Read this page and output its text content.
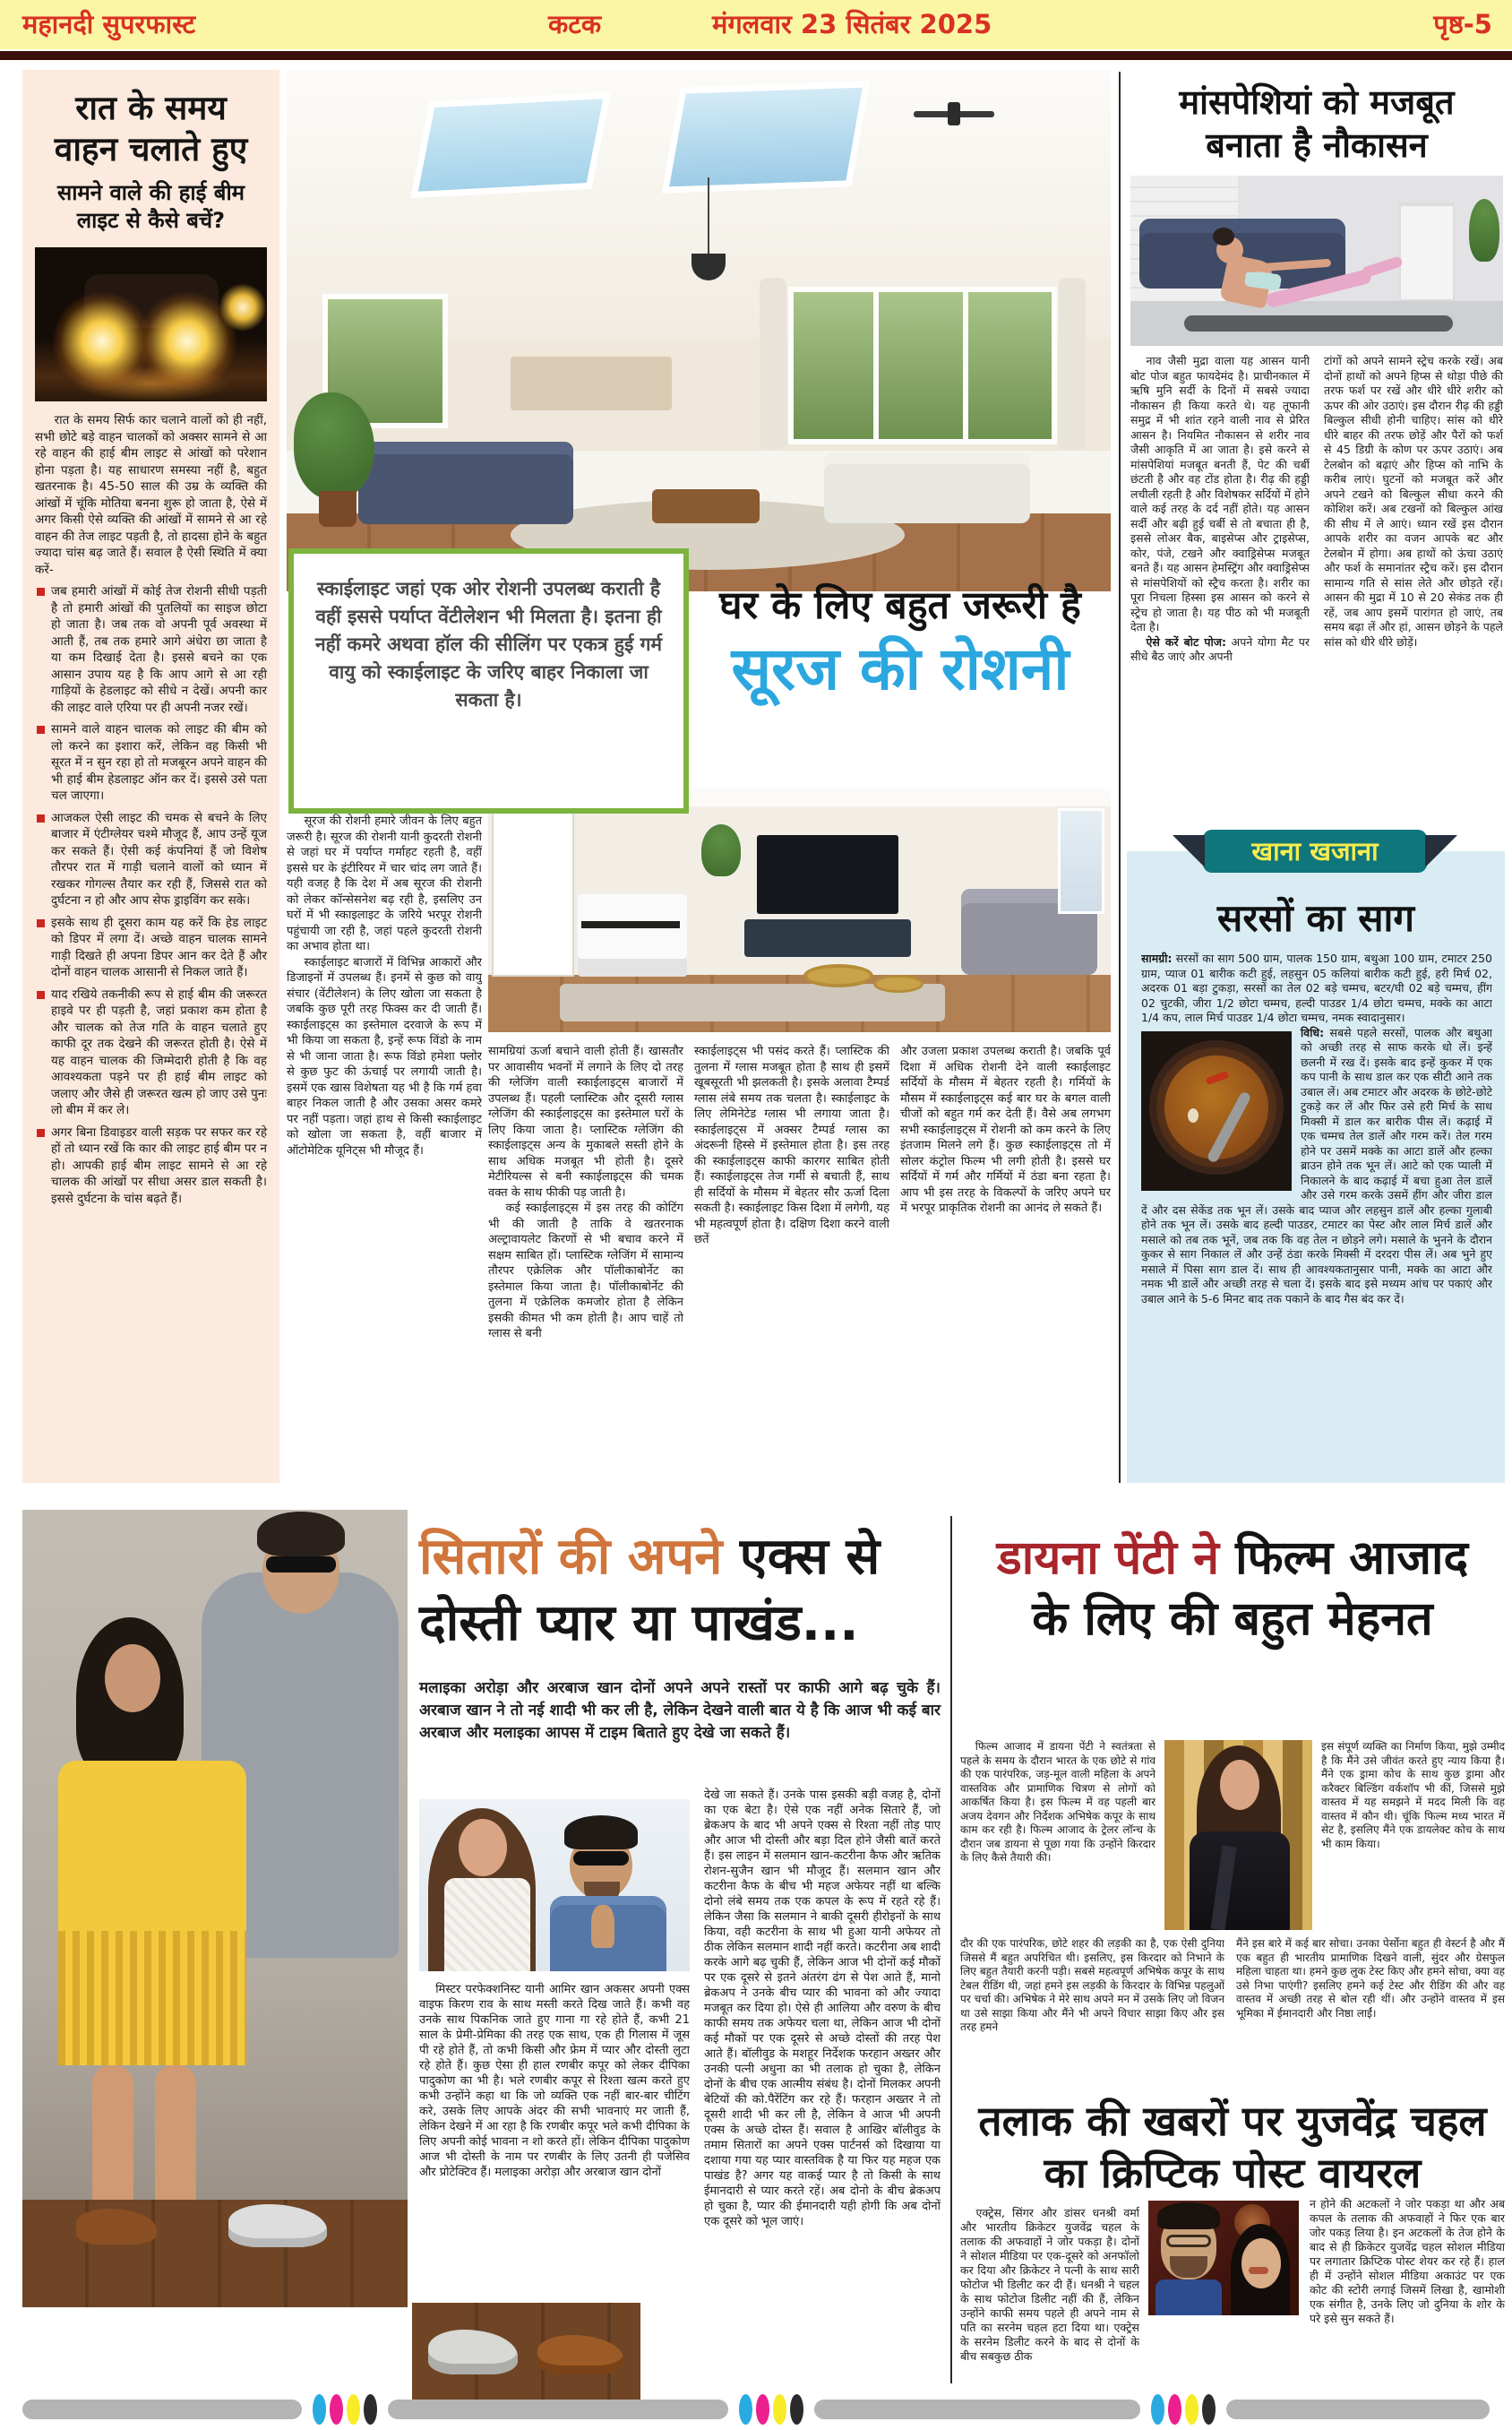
महानदी सुपरफास्ट	कटक	मंगलवार 23 सितंबर 2025	पृष्ठ-5
रात के समय
वाहन चलाते हुए
सामने वाले की हाई बीम लाइट से कैसे बचें?
रात के समय सिर्फ कार चलाने वालों को ही नहीं, सभी छोटे बड़े वाहन चालकों को अक्सर सामने से आ रहे वाहन की हाई बीम लाइट से आंखों को परेशान होना पड़ता है। यह साधारण समस्या नहीं है, बहुत खतरनाक है। 45-50 साल की उम्र के व्यक्ति की आंखों में चूंकि मोतिया बनना शुरू हो जाता है, ऐसे में अगर किसी ऐसे व्यक्ति की आंखों में सामने से आ रहे वाहन की तेज लाइट पड़ती है, तो हादसा होने के बहुत ज्यादा चांस बढ़ जाते हैं। सवाल है ऐसी स्थिति में क्या करें-
जब हमारी आंखों में कोई तेज रोशनी सीधी पड़ती है तो हमारी आंखों की पुतलियों का साइज छोटा हो जाता है। जब तक वो अपनी पूर्व अवस्था में आती हैं, तब तक हमारे आगे अंधेरा छा जाता है या कम दिखाई देता है। इससे बचने का एक आसान उपाय यह है कि आप आगे से आ रही गाड़ियों के हेडलाइट को सीधे न देखें। अपनी कार की लाइट वाले एरिया पर ही अपनी नजर रखें।
सामने वाले वाहन चालक को लाइट की बीम को लो करने का इशारा करें, लेकिन वह किसी भी सूरत में न सुन रहा हो तो मजबूरन अपने वाहन की भी हाई बीम हेडलाइट ऑन कर दें। इससे उसे पता चल जाएगा।
आजकल ऐसी लाइट की चमक से बचने के लिए बाजार में एंटीग्लेयर चश्मे मौजूद हैं, आप उन्हें यूज कर सकते हैं। ऐसी कई कंपनियां हैं जो विशेष तौरपर रात में गाड़ी चलाने वालों को ध्यान में रखकर गोगल्स तैयार कर रही हैं, जिससे रात को दुर्घटना न हो और आप सेफ ड्राइविंग कर सके।
इसके साथ ही दूसरा काम यह करें कि हेड लाइट को डिपर में लगा दें। अच्छे वाहन चालक सामने गाड़ी दिखते ही अपना डिपर आन कर देते हैं और दोनों वाहन चालक आसानी से निकल जाते हैं।
याद रखिये तकनीकी रूप से हाई बीम की जरूरत हाइवे पर ही पड़ती है, जहां प्रकाश कम होता है और चालक को तेज गति के वाहन चलाते हुए काफी दूर तक देखने की जरूरत होती है। ऐसे में यह वाहन चालक की जिम्मेदारी होती है कि वह आवश्यकता पड़ने पर ही हाई बीम लाइट को जलाए और जैसे ही जरूरत खत्म हो जाए उसे पुनः लो बीम में कर ले।
अगर बिना डिवाइडर वाली सड़क पर सफर कर रहे हों तो ध्यान रखें कि कार की लाइट हाई बीम पर न हो। आपकी हाई बीम लाइट सामने से आ रहे चालक की आंखों पर सीधा असर डाल सकती है। इससे दुर्घटना के चांस बढ़ते हैं।
स्काईलाइट जहां एक ओर रोशनी उपलब्ध कराती है वहीं इससे पर्याप्त वेंटीलेशन भी मिलता है। इतना ही नहीं कमरे अथवा हॉल की सीलिंग पर एकत्र हुई गर्म वायु को स्काईलाइट के जरिए बाहर निकाला जा सकता है।
घर के लिए बहुत जरूरी है
सूरज की रोशनी
सूरज की रोशनी हमारे जीवन के लिए बहुत जरूरी है। सूरज की रोशनी यानी कुदरती रोशनी से जहां घर में पर्याप्त गर्माहट रहती है, वहीं इससे घर के इंटीरियर में चार चांद लग जाते हैं। यही वजह है कि देश में अब सूरज की रोशनी को लेकर कॉन्सेसनेश बढ़ रही है, इसलिए उन घरों में भी स्काइलाइट के जरिये भरपूर रोशनी पहुंचायी जा रही है, जहां पहले कुदरती रोशनी का अभाव होता था।
स्काईलाइट बाजारों में विभिन्न आकारों और डिजाइनों में उपलब्ध हैं। इनमें से कुछ को वायु संचार (वेंटीलेशन) के लिए खोला जा सकता है जबकि कुछ पूरी तरह फिक्स कर दी जाती हैं। स्काईलाइट्स का इस्तेमाल दरवाजे के रूप में भी किया जा सकता है, इन्हें रूफ विंडो के नाम से भी जाना जाता है। रूफ विंडो हमेशा फ्लोर से कुछ फुट की ऊंचाई पर लगायी जाती है। इसमें एक खास विशेषता यह भी है कि गर्म हवा बाहर निकल जाती है और उसका असर कमरे पर नहीं पड़ता। जहां हाथ से किसी स्काईलाइट को खोला जा सकता है, वहीं बाजार में ऑटोमेटिक यूनिट्स भी मौजूद हैं।
सामग्रियां ऊर्जा बचाने वाली होती हैं। खासतौर पर आवासीय भवनों में लगाने के लिए दो तरह की ग्लेजिंग वाली स्काईलाइट्स बाजारों में उपलब्ध हैं। पहली प्लास्टिक और दूसरी ग्लास ग्लेजिंग की स्काईलाइट्स का इस्तेमाल घरों के लिए किया जाता है। प्लास्टिक ग्लेजिंग की स्काईलाइट्स अन्य के मुकाबले सस्ती होने के साथ अधिक मजबूत भी होती है। दूसरे मेटीरियल्स से बनी स्काईलाइट्स की चमक वक्त के साथ फीकी पड़ जाती है।
कई स्काईलाइट्स में इस तरह की कोटिंग भी की जाती है ताकि वे खतरनाक अल्ट्रावायलेट किरणों से भी बचाव करने में सक्षम साबित हों। प्लास्टिक ग्लेजिंग में सामान्य तौरपर एक्रेलिक और पॉलीकाबोर्नेट का इस्तेमाल किया जाता है। पॉलीकाबोर्नेट की तुलना में एक्रेलिक कमजोर होता है लेकिन इसकी कीमत भी कम होती है। आप चाहें तो ग्लास से बनी
स्काईलाइट्स भी पसंद करते हैं। प्लास्टिक की तुलना में ग्लास मजबूत होता है साथ ही इसमें खूबसूरती भी झलकती है। इसके अलावा टैम्पर्ड ग्लास लंबे समय तक चलता है। स्काईलाइट के लिए लेमिनेटेड ग्लास भी लगाया जाता है। स्काईलाइट्स में अक्सर टैम्पर्ड ग्लास का अंदरूनी हिस्से में इस्तेमाल होता है। इस तरह की स्काईलाइट्स काफी कारगर साबित होती हैं। स्काईलाइट्स तेज गर्मी से बचाती हैं, साथ ही सर्दियों के मौसम में बेहतर सौर ऊर्जा दिला सकती है। स्काईलाइट किस दिशा में लगेगी, यह भी महत्वपूर्ण होता है। दक्षिण दिशा करने वाली छतें
और उजला प्रकाश उपलब्ध कराती है। जबकि पूर्व दिशा में अधिक रोशनी देने वाली स्काईलाइट सर्दियों के मौसम में बेहतर रहती है। गर्मियों के मौसम में स्काईलाइट्स कई बार घर के बगल वाली चीजों को बहुत गर्म कर देती हैं। वैसे अब लगभग सभी स्काईलाइट्स में रोशनी को कम करने के लिए इंतजाम मिलने लगे हैं। कुछ स्काईलाइट्स तो में सोलर कंट्रोल फिल्म भी लगी होती है। इससे घर सर्दियों में गर्म और गर्मियों में ठंडा बना रहता है। आप भी इस तरह के विकल्पों के जरिए अपने घर में भरपूर प्राकृतिक रोशनी का आनंद ले सकते हैं।
मांसपेशियां को मजबूत
बनाता है नौकासन
नाव जैसी मुद्रा वाला यह आसन यानी बोट पोज बहुत फायदेमंद है। प्राचीनकाल में ऋषि मुनि सर्दी के दिनों में सबसे ज्यादा नौकासन ही किया करते थे। यह तूफानी समुद्र में भी शांत रहने वाली नाव से प्रेरित आसन है। नियमित नौकासन से शरीर नाव जैसी आकृति में आ जाता है। इसे करने से मांसपेशियां मजबूत बनती हैं, पेट की चर्बी छंटती है और वह टोंड होता है। रीढ़ की हड्डी लचीली रहती है और विशेषकर सर्दियों में होने वाले कई तरह के दर्द नहीं होते। यह आसन सर्दी और बढ़ी हुई चर्बी से तो बचाता ही है, इससे लोअर बैक, बाइसेप्स और ट्राइसेप्स, कोर, पंजे, टखने और क्वाड्रिसेप्स मजबूत बनते हैं। यह आसन हेमस्ट्रिंग और क्वाड्रिसेप्स से मांसपेशियों को स्ट्रैच करता है। शरीर का पूरा निचला हिस्सा इस आसन को करने से स्ट्रेच हो जाता है। यह पीठ को भी मजबूती देता है।
ऐसे करें बोट पोज: अपने योगा मैट पर सीधे बैठ जाएं और अपनी
टांगों को अपने सामने स्ट्रेच करके रखें। अब दोनों हाथों को अपने हिप्स से थोड़ा पीछे की तरफ फर्श पर रखें और धीरे धीरे शरीर को ऊपर की ओर उठाएं। इस दौरान रीढ़ की हड्डी बिल्कुल सीधी होनी चाहिए। सांस को धीरे धीरे बाहर की तरफ छोड़ें और पैरों को फर्श से 45 डिग्री के कोण पर ऊपर उठाएं। अब टेलबोन को बढ़ाएं और हिप्स को नाभि के करीब लाएं। घुटनों को मजबूत करें और अपने टखने को बिल्कुल सीधा करने की कोशिश करें। अब टखनों को बिल्कुल आंख की सीध में ले आएं। ध्यान रखें इस दौरान आपके शरीर का वजन आपके बट और टेलबोन में होगा। अब हाथों को ऊंचा उठाएं और फर्श के समानांतर स्ट्रैच करें। इस दौरान सामान्य गति से सांस लेते और छोड़ते रहें। आसन की मुद्रा में 10 से 20 सेकंड तक ही रहें, जब आप इसमें पारांगत हो जाएं, तब समय बढ़ा लें और हां, आसन छोड़ने के पहले सांस को धीरे धीरे छोड़ें।
खाना खजाना
सरसों का साग
सामग्री: सरसों का साग 500 ग्राम, पालक 150 ग्राम, बथुआ 100 ग्राम, टमाटर 250 ग्राम, प्याज 01 बारीक कटी हुई, लहसुन 05 कलियां बारीक कटी हुई, हरी मिर्च 02, अदरक 01 बड़ा टुकड़ा, सरसों का तेल 02 बड़े चम्मच, बटर/घी 02 बड़े चम्मच, हींग 02 चुटकी, जीरा 1/2 छोटा चम्मच, हल्दी पाउडर 1/4 छोटा चम्मच, मक्के का आटा 1/4 कप, लाल मिर्च पाउडर 1/4 छोटा चम्मच, नमक स्वादानुसार।
विधि: सबसे पहले सरसों, पालक और बथुआ को अच्छी तरह से साफ करके धो लें। इन्हें छलनी में रख दें। इसके बाद इन्हें कुकर में एक कप पानी के साथ डाल कर एक सीटी आने तक उबाल लें। अब टमाटर और अदरक के छोटे-छोटे टुकड़े कर लें और फिर उसे हरी मिर्च के साथ मिक्सी में डाल कर बारीक पीस लें। कढ़ाई में एक चम्मच तेल डालें और गरम करें। तेल गरम होने पर उसमें मक्के का आटा डालें और हल्का ब्राउन होने तक भून लें। आटे को एक प्याली में निकालने के बाद कढ़ाई में बचा हुआ तेल डालें और उसे गरम करके उसमें हींग और जीरा डाल दें और दस सेकेंड तक भून लें। उसके बाद प्याज और लहसुन डालें और हल्का गुलाबी होने तक भून लें। उसके बाद हल्दी पाउडर, टमाटर का पेस्ट और लाल मिर्च डालें और मसाले को तब तक भूनें, जब तक कि वह तेल न छोड़ने लगे। मसाले के भुनने के दौरान कुकर से साग निकाल लें और उन्हें ठंडा करके मिक्सी में दरदरा पीस लें। अब भुने हुए मसाले में पिसा साग डाल दें। साथ ही आवश्यकतानुसार पानी, मक्के का आटा और नमक भी डालें और अच्छी तरह से चला दें। इसके बाद इसे मध्यम आंच पर पकाएं और उबाल आने के 5-6 मिनट बाद तक पकाने के बाद गैस बंद कर दें।
सितारों की अपने एक्स से
दोस्ती प्यार या पाखंड...
मलाइका अरोड़ा और अरबाज खान दोनों अपने अपने रास्तों पर काफी आगे बढ़ चुके हैं। अरबाज खान ने तो नई शादी भी कर ली है, लेकिन देखने वाली बात ये है कि आज भी कई बार अरबाज और मलाइका आपस में टाइम बिताते हुए देखे जा सकते हैं।
मिस्टर परफेक्शनिस्ट यानी आमिर खान अकसर अपनी एक्स वाइफ किरण राव के साथ मस्ती करते दिख जाते हैं। कभी वह उनके साथ पिकनिक जाते हुए गाना गा रहे होते हैं, कभी 21 साल के प्रेमी-प्रेमिका की तरह एक साथ, एक ही गिलास में जूस पी रहे होते हैं, तो कभी किसी और फ्रेम में प्यार और दोस्ती लुटा रहे होते हैं। कुछ ऐसा ही हाल रणबीर कपूर को लेकर दीपिका पादुकोण का भी है। भले रणबीर कपूर से रिश्ता खत्म करते हुए कभी उन्होंने कहा था कि जो व्यक्ति एक नहीं बार-बार चीटिंग करे, उसके लिए आपके अंदर की सभी भावनाएं मर जाती हैं, लेकिन देखने में आ रहा है कि रणबीर कपूर भले कभी दीपिका के लिए अपनी कोई भावना न शो करते हों। लेकिन दीपिका पादुकोण आज भी दोस्ती के नाम पर रणबीर के लिए उतनी ही पजेसिव और प्रोटेक्टिव हैं। मलाइका अरोड़ा और अरबाज खान दोनों
देखे जा सकते हैं। उनके पास इसकी बड़ी वजह है, दोनों का एक बेटा है। ऐसे एक नहीं अनेक सितारे हैं, जो ब्रेकअप के बाद भी अपने एक्स से रिश्ता नहीं तोड़ पाए और आज भी दोस्ती और बड़ा दिल होने जैसी बातें करते हैं। इस लाइन में सलमान खान-कटरीना कैफ और ऋतिक रोशन-सुजैन खान भी मौजूद हैं। सलमान खान और कटरीना कैफ के बीच भी महज अफेयर नहीं था बल्कि दोनो लंबे समय तक एक कपल के रूप में रहते रहे हैं। लेकिन जैसा कि सलमान ने बाकी दूसरी हीरोइनों के साथ किया, वही कटरीना के साथ भी हुआ यानी अफेयर तो ठीक लेकिन सलमान शादी नहीं करते। कटरीना अब शादी करके आगे बढ़ चुकी हैं, लेकिन आज भी दोनों कई मौकों पर एक दूसरे से इतने अंतरंग ढंग से पेश आते हैं, मानो ब्रेकअप ने उनके बीच प्यार की भावना को और ज्यादा मजबूत कर दिया हो। ऐसे ही आलिया और वरुण के बीच काफी समय तक अफेयर चला था, लेकिन आज भी दोनों कई मौकों पर एक दूसरे से अच्छे दोस्तों की तरह पेश आते हैं। बॉलीवुड के मशहूर निर्देशक फरहान अख्तर और उनकी पत्नी अधुना का भी तलाक हो चुका है, लेकिन दोनों के बीच एक आत्मीय संबंध है। दोनों मिलकर अपनी बेटियों की को.पैरेंटिंग कर रहे हैं। फरहान अख्तर ने तो दूसरी शादी भी कर ली है, लेकिन वे आज भी अपनी एक्स के अच्छे दोस्त हैं। सवाल है आखिर बॉलीवुड के तमाम सितारों का अपने एक्स पार्टनर्स को दिखाया या दशाया गया यह प्यार वास्तविक है या फिर यह महज एक पाखंड है? अगर यह वाकई प्यार है तो किसी के साथ ईमानदारी से प्यार करते रहें। अब दोनो के बीच ब्रेकअप हो चुका है, प्यार की ईमानदारी यही होगी कि अब दोनों एक दूसरे को भूल जाएं।
डायना पेंटी ने फिल्म आजाद
के लिए की बहुत मेहनत
फिल्म आजाद में डायना पेंटी ने स्वतंत्रता से पहले के समय के दौरान भारत के एक छोटे से गांव की एक पारंपरिक, जड़-मूल वाली महिला के अपने वास्तविक और प्रामाणिक चित्रण से लोगों को आकर्षित किया है। इस फिल्म में वह पहली बार अजय देवगन और निर्देशक अभिषेक कपूर के साथ काम कर रही है। फिल्म आजाद के ट्रेलर लॉन्च के दौरान जब डायना से पूछा गया कि उन्होंने किरदार के लिए कैसे तैयारी की।
इस संपूर्ण व्यक्ति का निर्माण किया, मुझे उम्मीद है कि मैंने उसे जीवंत करते हुए न्याय किया है। मैंने एक ड्रामा कोच के साथ कुछ ड्रामा और करैक्टर बिल्डिंग वर्कशॉप भी कीं, जिससे मुझे वास्तव में यह समझने में मदद मिली कि वह वास्तव में कौन थी। चूंकि फिल्म मध्य भारत में सेट है, इसलिए मैंने एक डायलेक्ट कोच के साथ भी काम किया।
दौर की एक पारंपरिक, छोटे शहर की लड़की का है, एक ऐसी दुनिया जिससे मैं बहुत अपरिचित थी। इसलिए, इस किरदार को निभाने के लिए बहुत तैयारी करनी पड़ी। सबसे महत्वपूर्ण अभिषेक कपूर के साथ टेबल रीडिंग थी, जहां हमने इस लड़की के किरदार के विभिन्न पहलुओं पर चर्चा की। अभिषेक ने मेरे साथ अपने मन में उसके लिए जो विजन था उसे साझा किया और मैंने भी अपने विचार साझा किए और इस तरह हमने
मैंने इस बारे में कई बार सोचा। उनका पेर्सोना बहुत ही वेस्टर्न है और मैं एक बहुत ही भारतीय प्रामाणिक दिखने वाली, सुंदर और ग्रेसफुल महिला चाहता था। हमने कुछ लुक टेस्ट किए और हमने सोचा, क्या वह उसे निभा पाएंगी? इसलिए हमने कई टेस्ट और रीडिंग की और वह वास्तव में अच्छी तरह से बोल रही थीं। और उन्होंने वास्तव में इस भूमिका में ईमानदारी और निष्ठा लाईं।
तलाक की खबरों पर युजवेंद्र चहल
का क्रिप्टिक पोस्ट वायरल
एक्ट्रेस, सिंगर और डांसर धनश्री वर्मा और भारतीय क्रिकेटर युजवेंद्र चहल के तलाक की अफवाहों ने जोर पकड़ा है। दोनों ने सोशल मीडिया पर एक-दूसरे को अनफॉलो कर दिया और क्रिकेटर ने पत्नी के साथ सारी फोटोज भी डिलीट कर दी हैं। धनश्री ने चहल के साथ फोटोज डिलीट नहीं की हैं, लेकिन उन्होंने काफी समय पहले ही अपने नाम से पति का सरनेम चहल हटा दिया था। एक्ट्रेस के सरनेम डिलीट करने के बाद से दोनों के बीच सबकुछ ठीक
न होने की अटकलों ने जोर पकड़ा था और अब कपल के तलाक की अफवाहों ने फिर एक बार जोर पकड़ लिया है। इन अटकलों के तेज होने के बाद से ही क्रिकेटर युजवेंद्र चहल सोशल मीडिया पर लगातार क्रिप्टिक पोस्ट शेयर कर रहे हैं। हाल ही में उन्होंने सोशल मीडिया अकाउंट पर एक कोट की स्टोरी लगाई जिसमें लिखा है, खामोशी एक संगीत है, उनके लिए जो दुनिया के शोर के परे इसे सुन सकते हैं।
